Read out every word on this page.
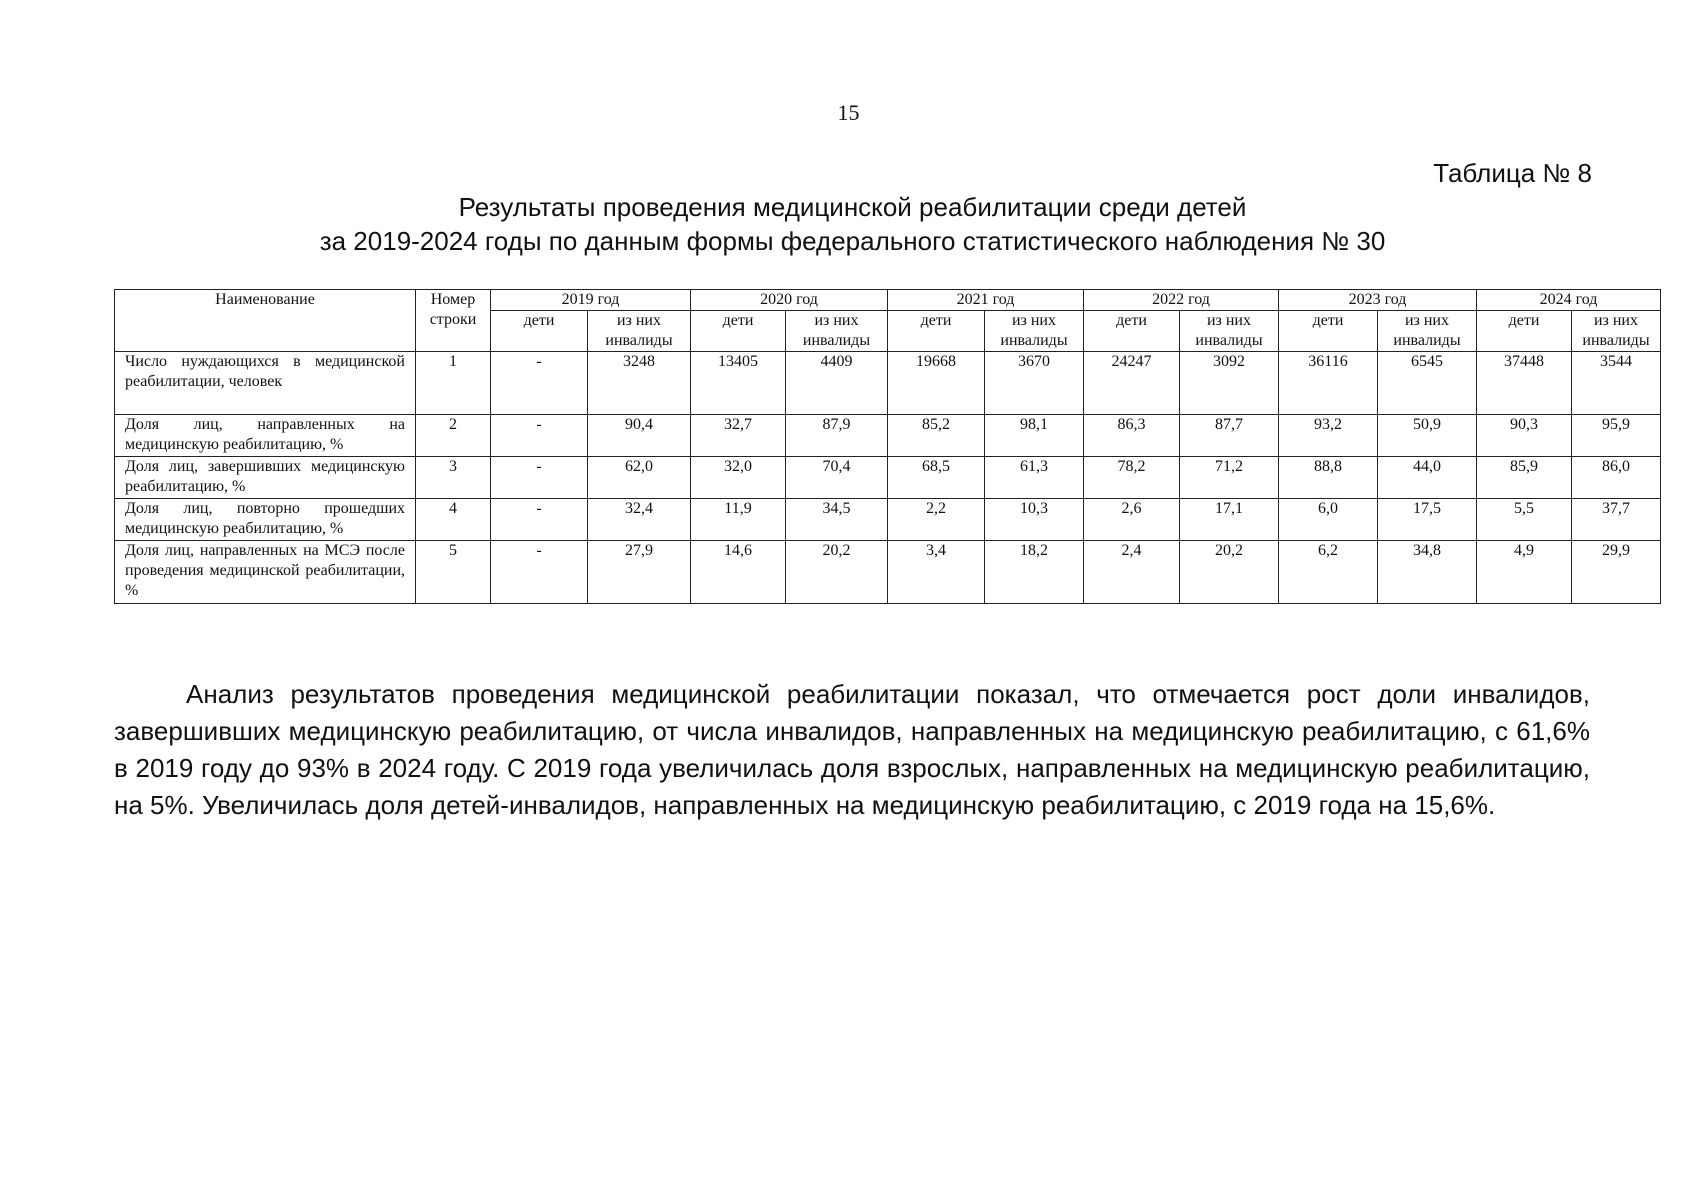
15
Таблица № 8
Результаты проведения медицинской реабилитации среди детей
за 2019-2024 годы по данным формы федерального статистического наблюдения № 30
Наименование	Номер строки	2019 год		2020 год		2021 год		2022 год		2023 год		2024 год	
		дети	из них инвалиды	дети	из них инвалиды	дети	из них инвалиды	дети	из них инвалиды	дети	из них инвалиды	дети	из них инвалиды
Число нуждающихся в медицинской реабилитации, человек	1	-	3248	13405	4409	19668	3670	24247	3092	36116	6545	37448	3544
Доля лиц, направленных на медицинскую реабилитацию, %	2	-	90,4	32,7	87,9	85,2	98,1	86,3	87,7	93,2	50,9	90,3	95,9
Доля лиц, завершивших медицинскую реабилитацию, %	3	-	62,0	32,0	70,4	68,5	61,3	78,2	71,2	88,8	44,0	85,9	86,0
Доля лиц, повторно прошедших медицинскую реабилитацию, %	4	-	32,4	11,9	34,5	2,2	10,3	2,6	17,1	6,0	17,5	5,5	37,7
Доля лиц, направленных на МСЭ после проведения медицинской реабилитации, %	5	-	27,9	14,6	20,2	3,4	18,2	2,4	20,2	6,2	34,8	4,9	29,9

Анализ результатов проведения медицинской реабилитации показал, что отмечается рост доли инвалидов, завершивших медицинскую реабилитацию, от числа инвалидов, направленных на медицинскую реабилитацию, с 61,6% в 2019 году до 93% в 2024 году. С 2019 года увеличилась доля взрослых, направленных на медицинскую реабилитацию, на 5%. Увеличилась доля детей-инвалидов, направленных на медицинскую реабилитацию, с 2019 года на 15,6%.
